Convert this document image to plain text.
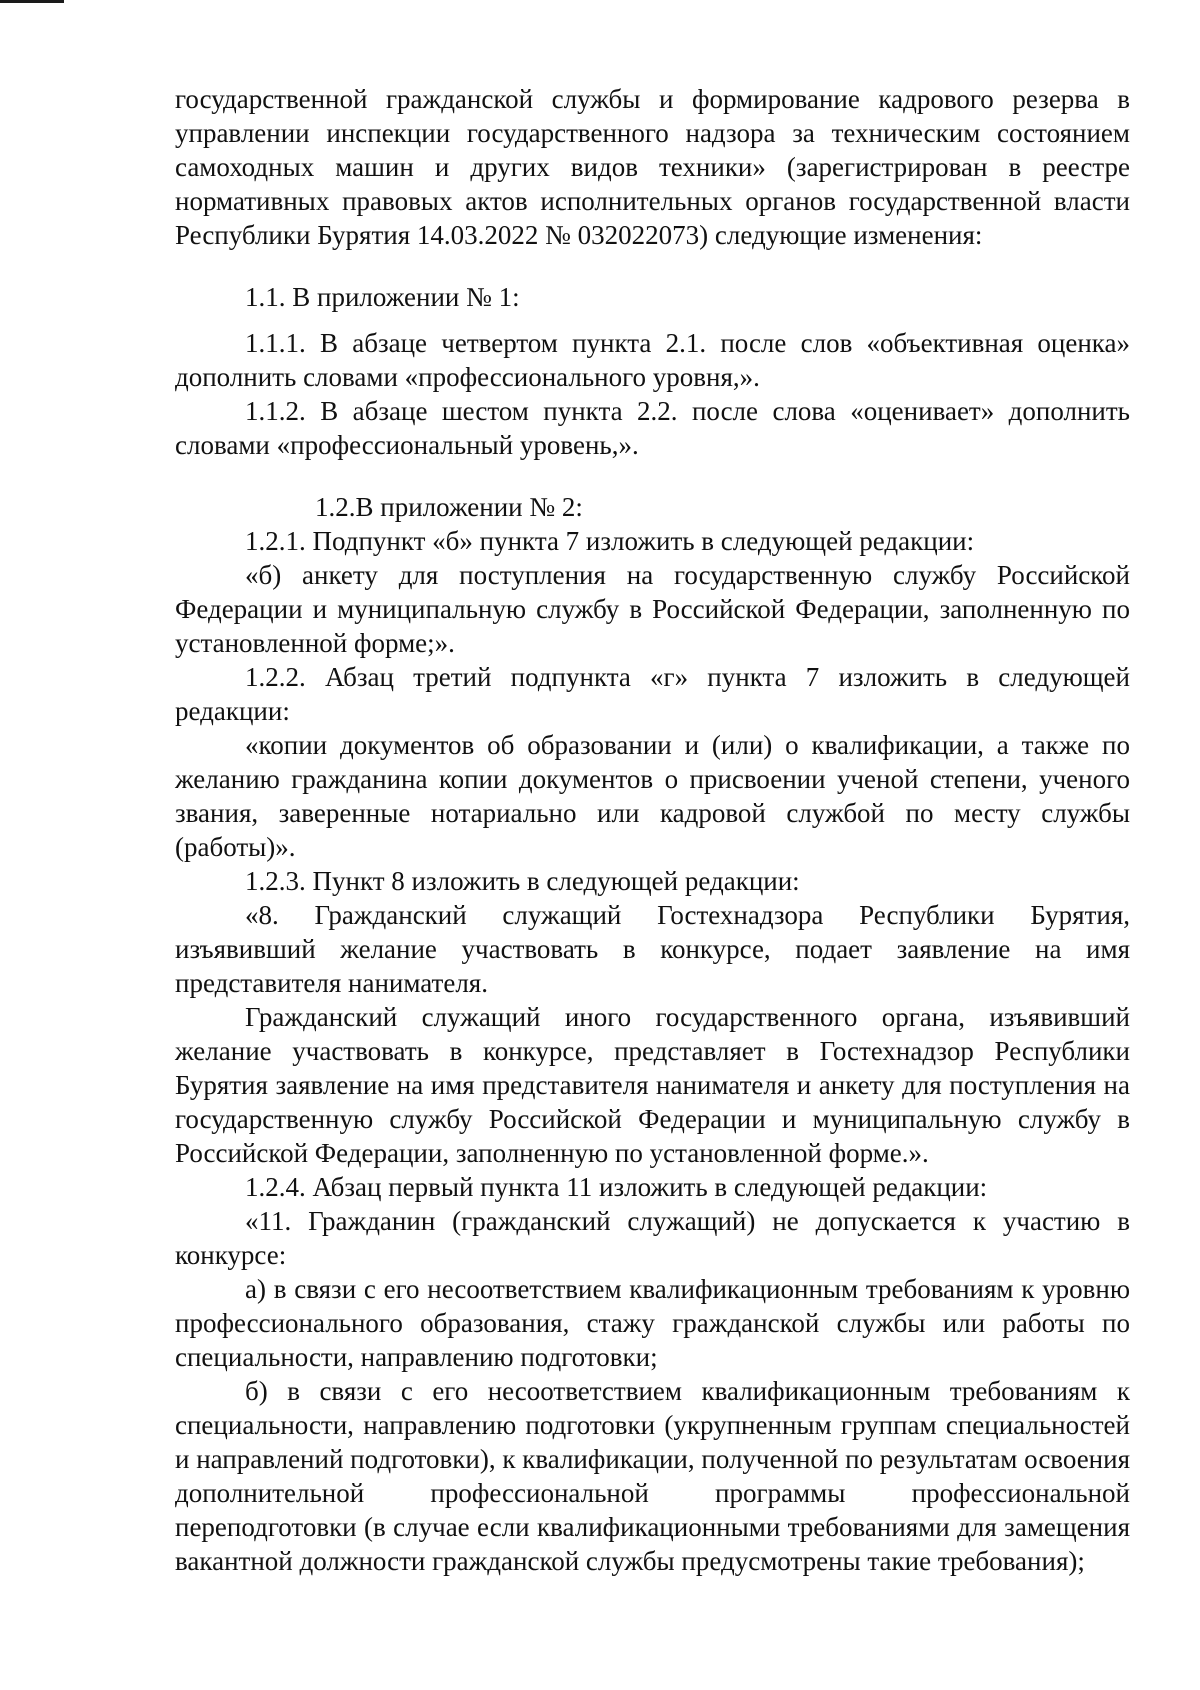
государственной гражданской службы и формирование кадрового резерва в управлении инспекции государственного надзора за техническим состоянием самоходных машин и других видов техники» (зарегистрирован в реестре нормативных правовых актов исполнительных органов государственной власти Республики Бурятия 14.03.2022 № 032022073) следующие изменения:

1.1. В приложении № 1:

1.1.1. В абзаце четвертом пункта 2.1. после слов «объективная оценка» дополнить словами «профессионального уровня,».

1.1.2. В абзаце шестом пункта 2.2. после слова «оценивает» дополнить словами «профессиональный уровень,».

1.2.В приложении № 2:

1.2.1. Подпункт «б» пункта 7 изложить в следующей редакции:

«б) анкету для поступления на государственную службу Российской Федерации и муниципальную службу в Российской Федерации, заполненную по установленной форме;».

1.2.2. Абзац третий подпункта «г» пункта 7 изложить в следующей редакции:

«копии документов об образовании и (или) о квалификации, а также по желанию гражданина копии документов о присвоении ученой степени, ученого звания, заверенные нотариально или кадровой службой по месту службы (работы)».

1.2.3. Пункт 8 изложить в следующей редакции:

«8. Гражданский служащий Гостехнадзора Республики Бурятия, изъявивший желание участвовать в конкурсе, подает заявление на имя представителя нанимателя.

Гражданский служащий иного государственного органа, изъявивший желание участвовать в конкурсе, представляет в Гостехнадзор Республики Бурятия заявление на имя представителя нанимателя и анкету для поступления на государственную службу Российской Федерации и муниципальную службу в Российской Федерации, заполненную по установленной форме.».

1.2.4. Абзац первый пункта 11 изложить в следующей редакции:

«11. Гражданин (гражданский служащий) не допускается к участию в конкурсе:

а) в связи с его несоответствием квалификационным требованиям к уровню профессионального образования, стажу гражданской службы или работы по специальности, направлению подготовки;

б) в связи с его несоответствием квалификационным требованиям к специальности, направлению подготовки (укрупненным группам специальностей и направлений подготовки), к квалификации, полученной по результатам освоения дополнительной профессиональной программы профессиональной переподготовки (в случае если квалификационными требованиями для замещения вакантной должности гражданской службы предусмотрены такие требования);
